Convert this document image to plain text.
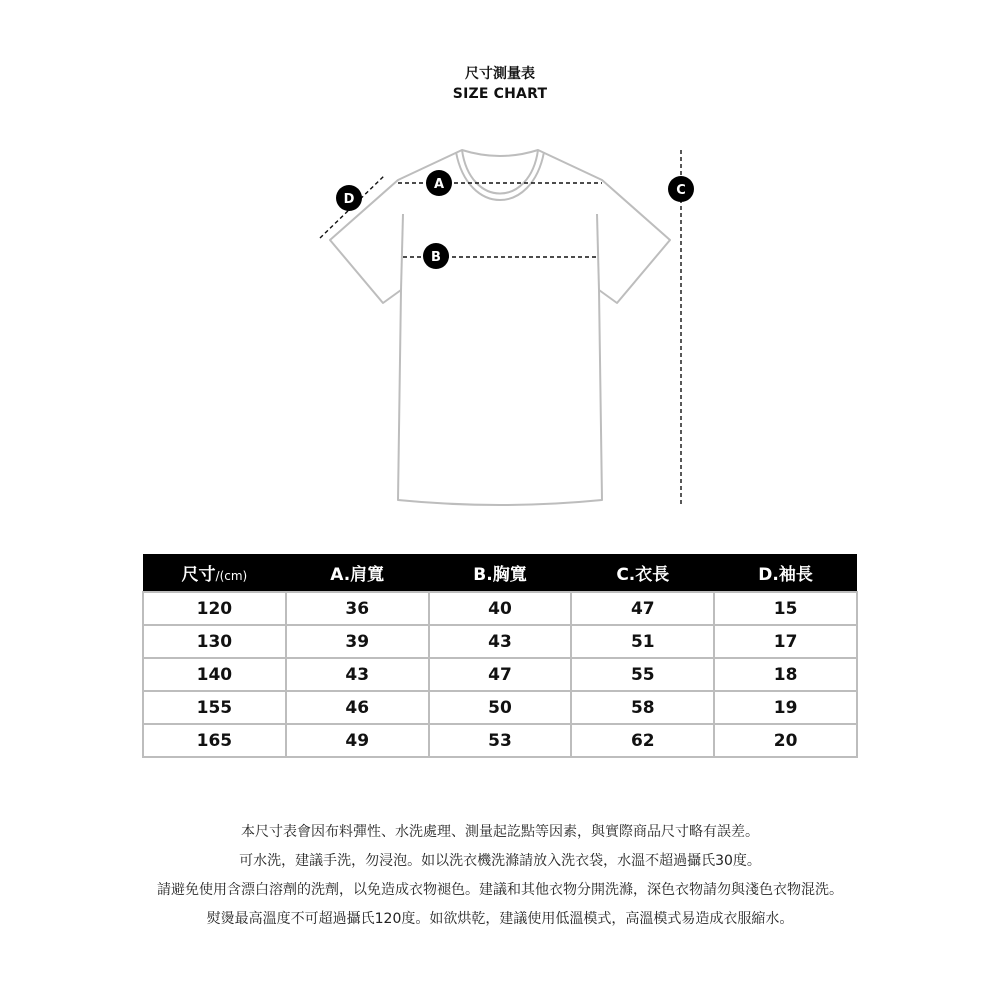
尺寸測量表
SIZE CHART
A
B
C
D
尺寸/(cm)	A.肩寬	B.胸寬	C.衣長	D.袖長
120	36	40	47	15
130	39	43	51	17
140	43	47	55	18
155	46	50	58	19
165	49	53	62	20
本尺寸表會因布料彈性、水洗處理、測量起訖點等因素，與實際商品尺寸略有誤差。
可水洗，建議手洗，勿浸泡。如以洗衣機洗滌請放入洗衣袋，水溫不超過攝氏30度。
請避免使用含漂白溶劑的洗劑，以免造成衣物褪色。建議和其他衣物分開洗滌，深色衣物請勿與淺色衣物混洗。
熨燙最高溫度不可超過攝氏120度。如欲烘乾，建議使用低溫模式，高溫模式易造成衣服縮水。
